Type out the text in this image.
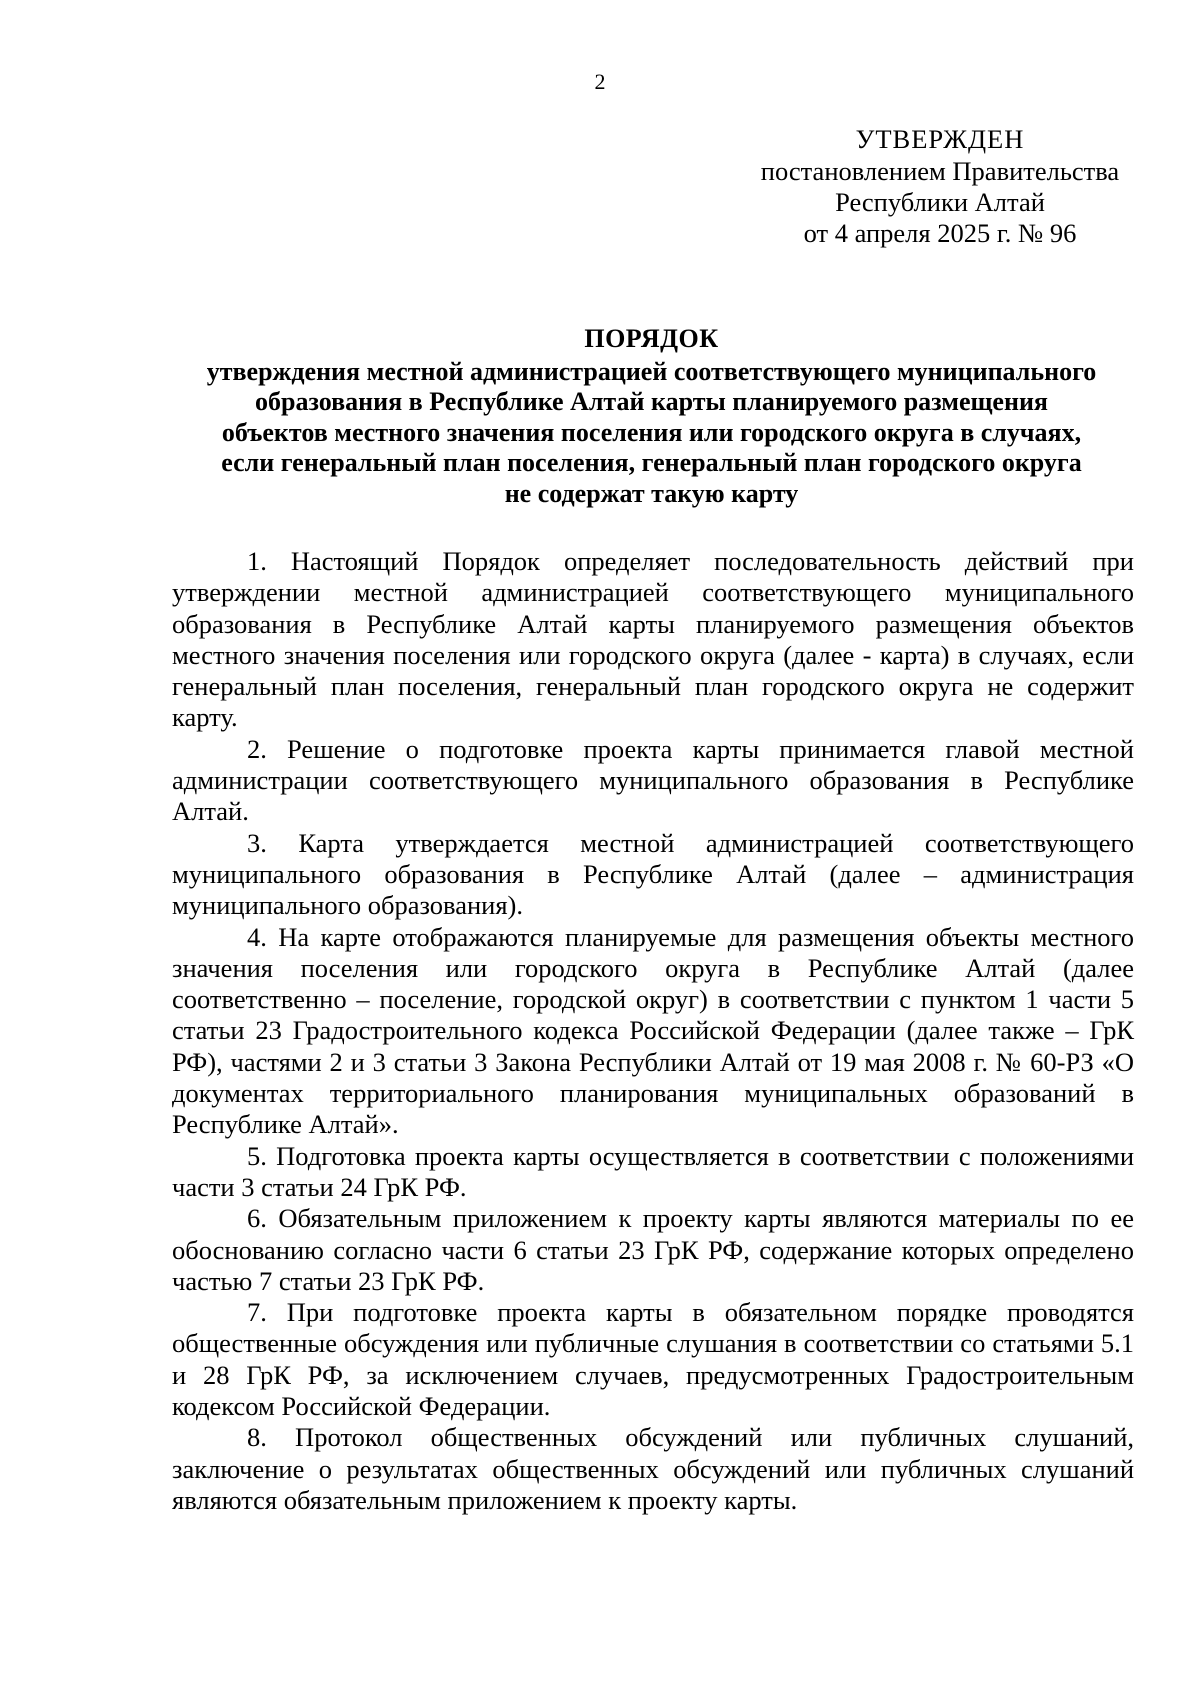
2
УТВЕРЖДЕН
постановлением Правительства
Республики Алтай
от 4 апреля 2025 г. № 96
ПОРЯДОК
утверждения местной администрацией соответствующего муниципального
образования в Республике Алтай карты планируемого размещения
объектов местного значения поселения или городского округа в случаях,
если генеральный план поселения, генеральный план городского округа
не содержат такую карту

1. Настоящий Порядок определяет последовательность действий при утверждении местной администрацией соответствующего муниципального образования в Республике Алтай карты планируемого размещения объектов местного значения поселения или городского округа (далее - карта) в случаях, если генеральный план поселения, генеральный план городского округа не содержит карту.

2. Решение о подготовке проекта карты принимается главой местной администрации соответствующего муниципального образования в Республике Алтай.

3. Карта утверждается местной администрацией соответствующего муниципального образования в Республике Алтай (далее – администрация муниципального образования).

4. На карте отображаются планируемые для размещения объекты местного значения поселения или городского округа в Республике Алтай (далее соответственно – поселение, городской округ) в соответствии с пунктом 1 части 5 статьи 23 Градостроительного кодекса Российской Федерации (далее также – ГрК РФ), частями 2 и 3 статьи 3 Закона Республики Алтай от 19 мая 2008 г. № 60-РЗ «О документах территориального планирования муниципальных образований в Республике Алтай».

5. Подготовка проекта карты осуществляется в соответствии с положениями части 3 статьи 24 ГрК РФ.

6. Обязательным приложением к проекту карты являются материалы по ее обоснованию согласно части 6 статьи 23 ГрК РФ, содержание которых определено частью 7 статьи 23 ГрК РФ.

7. При подготовке проекта карты в обязательном порядке проводятся общественные обсуждения или публичные слушания в соответствии со статьями 5.1 и 28 ГрК РФ, за исключением случаев, предусмотренных Градостроительным кодексом Российской Федерации.

8. Протокол общественных обсуждений или публичных слушаний, заключение о результатах общественных обсуждений или публичных слушаний являются обязательным приложением к проекту карты.
